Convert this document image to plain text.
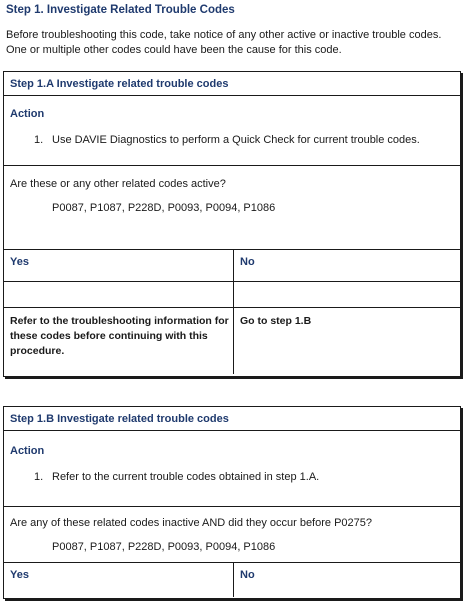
Step 1. Investigate Related Trouble Codes
Before troubleshooting this code, take notice of any other active or inactive trouble codes. One or multiple other codes could have been the cause for this code.
Step 1.A Investigate related trouble codes
Action
1. Use DAVIE Diagnostics to perform a Quick Check for current trouble codes.
Are these or any other related codes active?
P0087, P1087, P228D, P0093, P0094, P1086
Yes	No
Refer to the troubleshooting information for these codes before continuing with this procedure.
Go to step 1.B
Step 1.B Investigate related trouble codes
Action
1. Refer to the current trouble codes obtained in step 1.A.
Are any of these related codes inactive AND did they occur before P0275?
P0087, P1087, P228D, P0093, P0094, P1086
Yes	No
